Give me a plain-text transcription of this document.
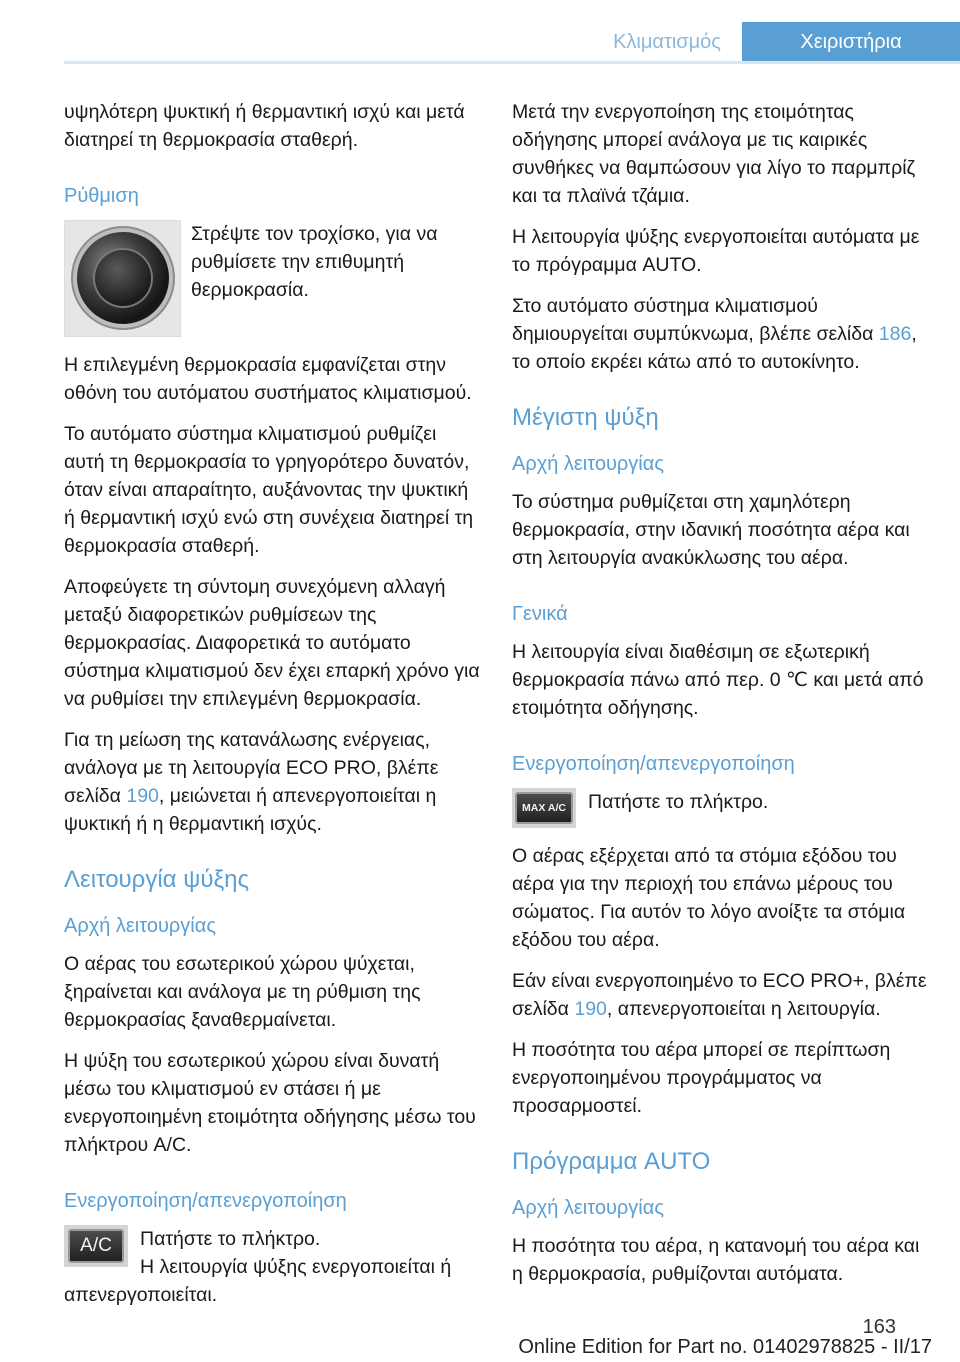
Κλιματισμός	Χειριστήρια

υψηλότερη ψυκτική ή θερμαντική ισχύ και μετά διατηρεί τη θερμοκρασία σταθερή.

Ρύθμιση

Στρέψτε τον τροχίσκο, για να ρυθμίσετε την επιθυμητή θερμοκρασία.

Η επιλεγμένη θερμοκρασία εμφανίζεται στην οθόνη του αυτόματου συστήματος κλιματισμού.

Το αυτόματο σύστημα κλιματισμού ρυθμίζει αυτή τη θερμοκρασία το γρηγορότερο δυνατόν, όταν είναι απαραίτητο, αυξάνοντας την ψυκτική ή θερμαντική ισχύ ενώ στη συνέχεια διατηρεί τη θερμοκρασία σταθερή.

Αποφεύγετε τη σύντομη συνεχόμενη αλλαγή μεταξύ διαφορετικών ρυθμίσεων της θερμοκρασίας. Διαφορετικά το αυτόματο σύστημα κλιματισμού δεν έχει επαρκή χρόνο για να ρυθμίσει την επιλεγμένη θερμοκρασία.

Για τη μείωση της κατανάλωσης ενέργειας, ανάλογα με τη λειτουργία ECO PRO, βλέπε σελίδα 190, μειώνεται ή απενεργοποιείται η ψυκτική ή η θερμαντική ισχύς.

Λειτουργία ψύξης
Αρχή λειτουργίας

Ο αέρας του εσωτερικού χώρου ψύχεται, ξηραίνεται και ανάλογα με τη ρύθμιση της θερμοκρασίας ξαναθερμαίνεται.

Η ψύξη του εσωτερικού χώρου είναι δυνατή μέσω του κλιματισμού εν στάσει ή με ενεργοποιημένη ετοιμότητα οδήγησης μέσω του πλήκτρου A/C.

Ενεργοποίηση/απενεργοποίηση
A/C	Πατήστε το πλήκτρο.

Η λειτουργία ψύξης ενεργοποιείται ή

απενεργοποιείται.

Μετά την ενεργοποίηση της ετοιμότητας οδήγησης μπορεί ανάλογα με τις καιρικές συνθήκες να θαμπώσουν για λίγο το παρμπρίζ και τα πλαϊνά τζάμια.

Η λειτουργία ψύξης ενεργοποιείται αυτόματα με το πρόγραμμα AUTO.

Στο αυτόματο σύστημα κλιματισμού δημιουργείται συμπύκνωμα, βλέπε σελίδα 186, το οποίο εκρέει κάτω από το αυτοκίνητο.

Μέγιστη ψύξη
Αρχή λειτουργίας

Το σύστημα ρυθμίζεται στη χαμηλότερη θερμοκρασία, στην ιδανική ποσότητα αέρα και στη λειτουργία ανακύκλωσης του αέρα.

Γενικά

Η λειτουργία είναι διαθέσιμη σε εξωτερική θερμοκρασία πάνω από περ. 0 ℃ και μετά από ετοιμότητα οδήγησης.

Ενεργοποίηση/απενεργοποίηση
MAX A/C	Πατήστε το πλήκτρο.

Ο αέρας εξέρχεται από τα στόμια εξόδου του αέρα για την περιοχή του επάνω μέρους του σώματος. Για αυτόν το λόγο ανοίξτε τα στόμια εξόδου του αέρα.

Εάν είναι ενεργοποιημένο το ECO PRO+, βλέπε σελίδα 190, απενεργοποιείται η λειτουργία.

Η ποσότητα του αέρα μπορεί σε περίπτωση ενεργοποιημένου προγράμματος να προσαρμοστεί.

Πρόγραμμα AUTO
Αρχή λειτουργίας

Η ποσότητα του αέρα, η κατανομή του αέρα και η θερμοκρασία, ρυθμίζονται αυτόματα.

163
Online Edition for Part no. 01402978825 - II/17
